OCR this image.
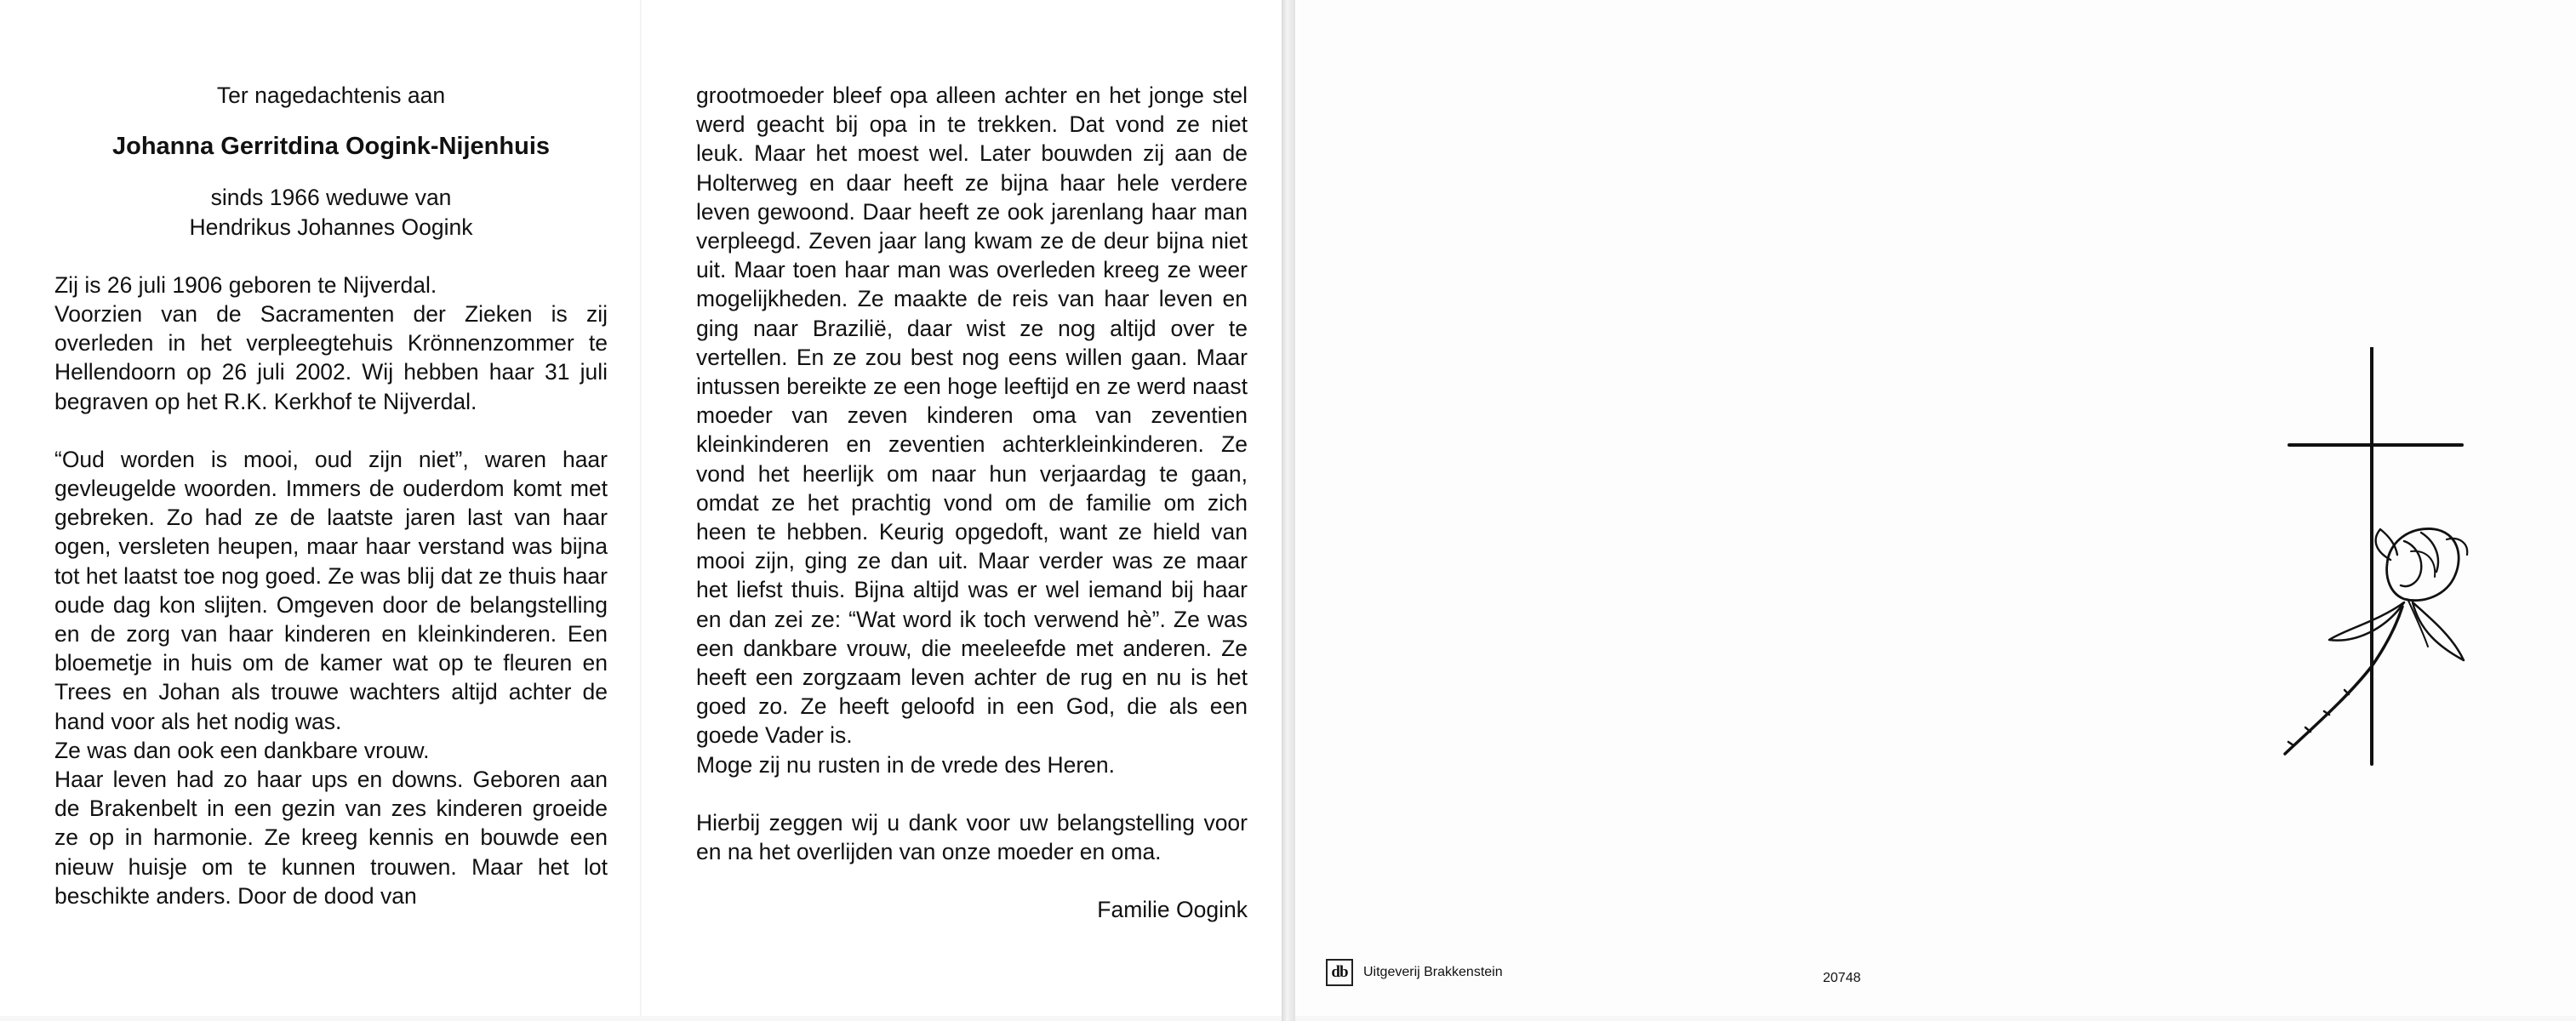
Ter nagedachtenis aan
Johanna Gerritdina Oogink-Nijenhuis
sinds 1966 weduwe van
Hendrikus Johannes Oogink

Zij is 26 juli 1906 geboren te Nijverdal.

Voorzien van de Sacramenten der Zieken is zij overleden in het verpleegtehuis Krönnenzommer te Hellendoorn op 26 juli 2002. Wij hebben haar 31 juli begraven op het R.K. Kerkhof te Nijverdal.

“Oud worden is mooi, oud zijn niet”, waren haar gevleugelde woorden. Immers de ouderdom komt met gebreken. Zo had ze de laatste jaren last van haar ogen, versleten heupen, maar haar verstand was bijna tot het laatst toe nog goed. Ze was blij dat ze thuis haar oude dag kon slijten. Omgeven door de belangstelling en de zorg van haar kinderen en kleinkinderen. Een bloemetje in huis om de kamer wat op te fleuren en Trees en Johan als trouwe wachters altijd achter de hand voor als het nodig was.

Ze was dan ook een dankbare vrouw.

Haar leven had zo haar ups en downs. Geboren aan de Brakenbelt in een gezin van zes kinderen groeide ze op in harmonie. Ze kreeg kennis en bouwde een nieuw huisje om te kunnen trouwen. Maar het lot beschikte anders. Door de dood van

grootmoeder bleef opa alleen achter en het jonge stel werd geacht bij opa in te trekken. Dat vond ze niet leuk. Maar het moest wel. Later bouwden zij aan de Holterweg en daar heeft ze bijna haar hele verdere leven gewoond. Daar heeft ze ook jarenlang haar man verpleegd. Zeven jaar lang kwam ze de deur bijna niet uit. Maar toen haar man was overleden kreeg ze weer mogelijkheden. Ze maakte de reis van haar leven en ging naar Brazilië, daar wist ze nog altijd over te vertellen. En ze zou best nog eens willen gaan. Maar intussen bereikte ze een hoge leeftijd en ze werd naast moeder van zeven kinderen oma van zeventien kleinkinderen en zeventien achterkleinkinderen. Ze vond het heerlijk om naar hun verjaardag te gaan, omdat ze het prachtig vond om de familie om zich heen te hebben. Keurig opgedoft, want ze hield van mooi zijn, ging ze dan uit. Maar verder was ze maar het liefst thuis. Bijna altijd was er wel iemand bij haar en dan zei ze: “Wat word ik toch verwend hè”. Ze was een dankbare vrouw, die meeleefde met anderen. Ze heeft een zorgzaam leven achter de rug en nu is het goed zo. Ze heeft geloofd in een God, die als een goede Vader is.

Moge zij nu rusten in de vrede des Heren.

Hierbij zeggen wij u dank voor uw belangstelling voor en na het overlijden van onze moeder en oma.

Familie Oogink

db	Uitgeverij Brakkenstein	20748
